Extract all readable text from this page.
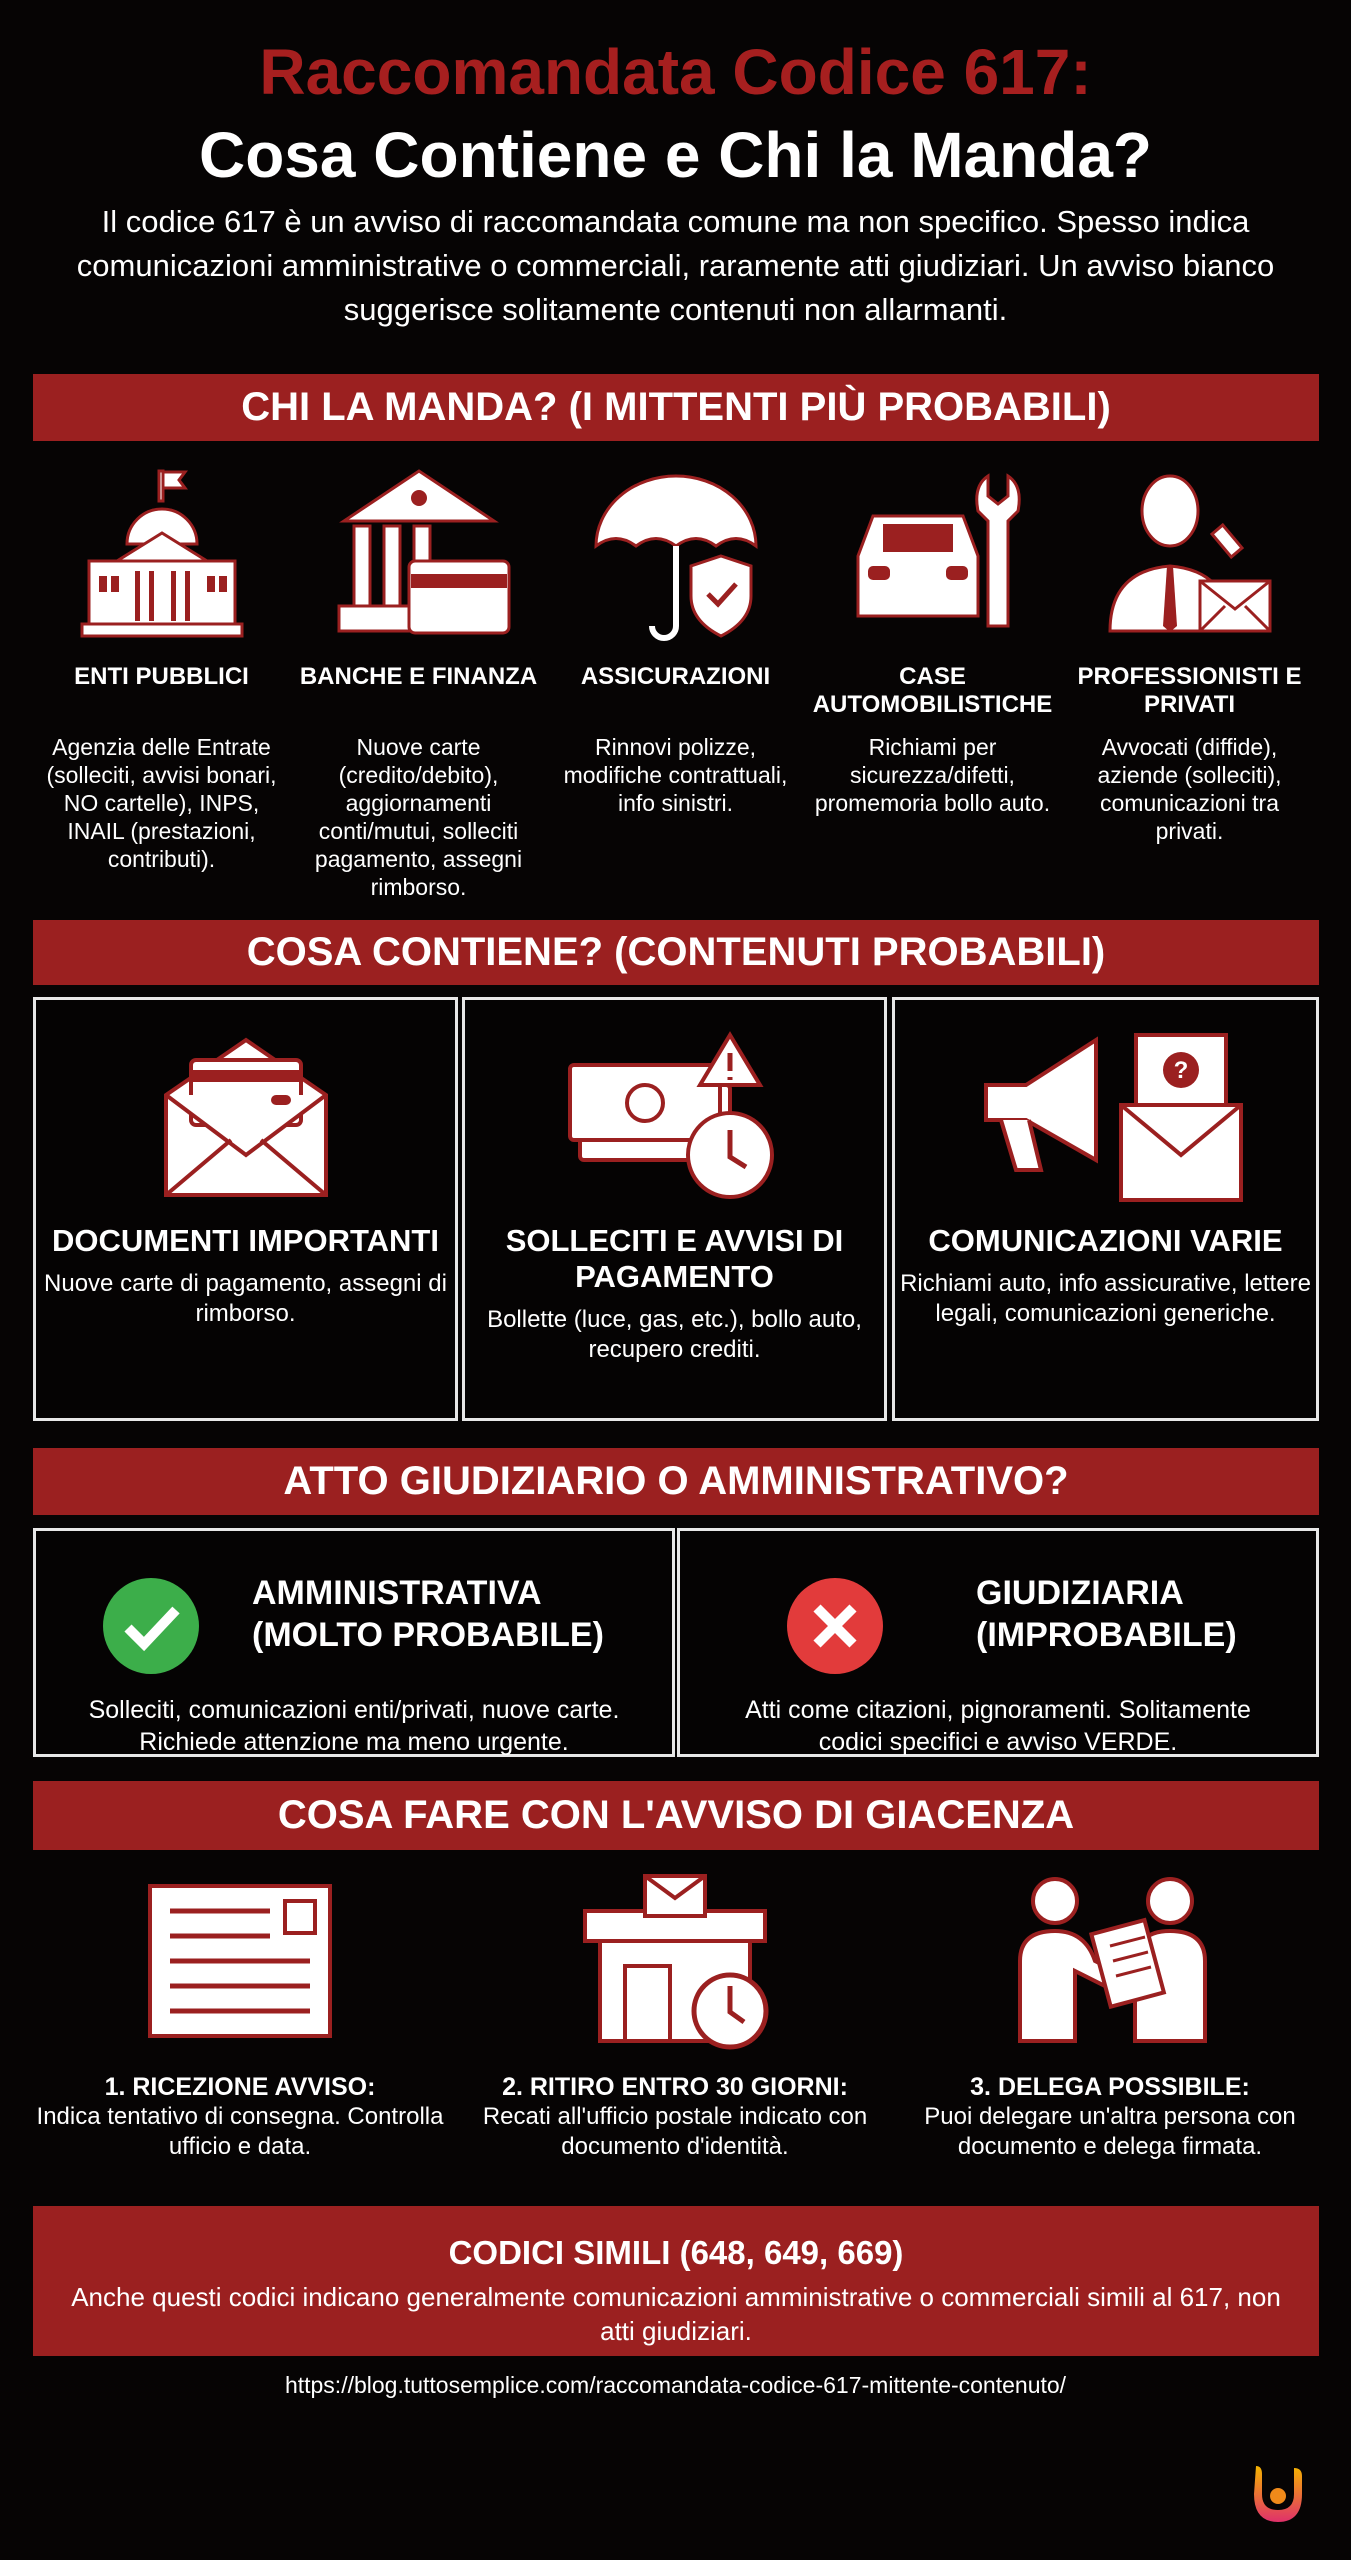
Raccomandata Codice 617:
Cosa Contiene e Chi la Manda?
Il codice 617 è un avviso di raccomandata comune ma non specifico. Spesso indica comunicazioni amministrative o commerciali, raramente atti giudiziari. Un avviso bianco suggerisce solitamente contenuti non allarmanti.
CHI LA MANDA? (I MITTENTI PIÙ PROBABILI)
ENTI PUBBLICI
Agenzia delle Entrate (solleciti, avvisi bonari, NO cartelle), INPS, INAIL (prestazioni, contributi).
BANCHE E FINANZA
Nuove carte (credito/debito), aggiornamenti conti/mutui, solleciti pagamento, assegni rimborso.
ASSICURAZIONI
Rinnovi polizze, modifiche contrattuali, info sinistri.
CASE AUTOMOBILISTICHE
Richiami per sicurezza/difetti, promemoria bollo auto.
PROFESSIONISTI E PRIVATI
Avvocati (diffide), aziende (solleciti), comunicazioni tra privati.
COSA CONTIENE? (CONTENUTI PROBABILI)
DOCUMENTI IMPORTANTI
Nuove carte di pagamento, assegni di rimborso.
SOLLECITI E AVVISI DI PAGAMENTO
Bollette (luce, gas, etc.), bollo auto, recupero crediti.
?
COMUNICAZIONI VARIE
Richiami auto, info assicurative, lettere legali, comunicazioni generiche.
ATTO GIUDIZIARIO O AMMINISTRATIVO?
AMMINISTRATIVA (MOLTO PROBABILE)
Solleciti, comunicazioni enti/privati, nuove carte. Richiede attenzione ma meno urgente.
GIUDIZIARIA (IMPROBABILE)
Atti come citazioni, pignoramenti. Solitamente codici specifici e avviso VERDE.
COSA FARE CON L'AVVISO DI GIACENZA
1. RICEZIONE AVVISO:
Indica tentativo di consegna. Controlla ufficio e data.
2. RITIRO ENTRO 30 GIORNI:
Recati all'ufficio postale indicato con documento d'identità.
3. DELEGA POSSIBILE:
Puoi delegare un'altra persona con documento e delega firmata.
CODICI SIMILI (648, 649, 669)
Anche questi codici indicano generalmente comunicazioni amministrative o commerciali simili al 617, non atti giudiziari.
https://blog.tuttosemplice.com/raccomandata-codice-617-mittente-contenuto/
